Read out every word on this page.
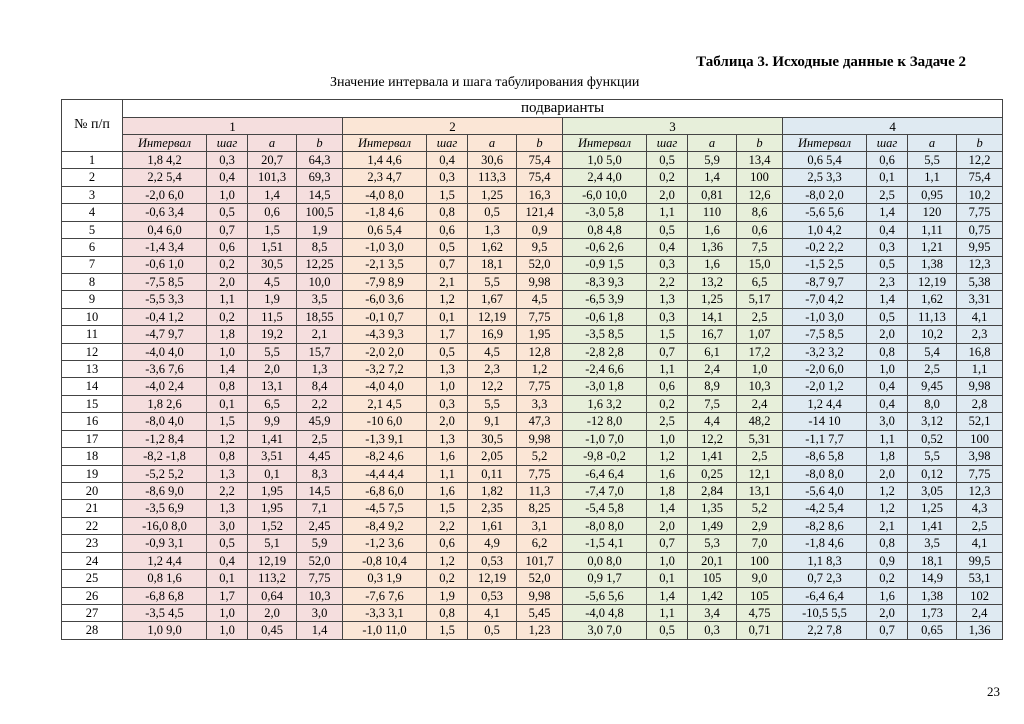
Таблица 3. Исходные данные к Задаче 2
Значение интервала и шага табулирования функции
№ п/п	подварианты															
	1				2				3				4			
	Интервал	шаг	a	b	Интервал	шаг	a	b	Интервал	шаг	a	b	Интервал	шаг	a	b
1	1,8 4,2	0,3	20,7	64,3	1,4 4,6	0,4	30,6	75,4	1,0 5,0	0,5	5,9	13,4	0,6 5,4	0,6	5,5	12,2
2	2,2 5,4	0,4	101,3	69,3	2,3 4,7	0,3	113,3	75,4	2,4 4,0	0,2	1,4	100	2,5 3,3	0,1	1,1	75,4
3	-2,0 6,0	1,0	1,4	14,5	-4,0 8,0	1,5	1,25	16,3	-6,0 10,0	2,0	0,81	12,6	-8,0 2,0	2,5	0,95	10,2
4	-0,6 3,4	0,5	0,6	100,5	-1,8 4,6	0,8	0,5	121,4	-3,0 5,8	1,1	110	8,6	-5,6 5,6	1,4	120	7,75
5	0,4 6,0	0,7	1,5	1,9	0,6 5,4	0,6	1,3	0,9	0,8 4,8	0,5	1,6	0,6	1,0 4,2	0,4	1,11	0,75
6	-1,4 3,4	0,6	1,51	8,5	-1,0 3,0	0,5	1,62	9,5	-0,6 2,6	0,4	1,36	7,5	-0,2 2,2	0,3	1,21	9,95
7	-0,6 1,0	0,2	30,5	12,25	-2,1 3,5	0,7	18,1	52,0	-0,9 1,5	0,3	1,6	15,0	-1,5 2,5	0,5	1,38	12,3
8	-7,5 8,5	2,0	4,5	10,0	-7,9 8,9	2,1	5,5	9,98	-8,3 9,3	2,2	13,2	6,5	-8,7 9,7	2,3	12,19	5,38
9	-5,5 3,3	1,1	1,9	3,5	-6,0 3,6	1,2	1,67	4,5	-6,5 3,9	1,3	1,25	5,17	-7,0 4,2	1,4	1,62	3,31
10	-0,4 1,2	0,2	11,5	18,55	-0,1 0,7	0,1	12,19	7,75	-0,6 1,8	0,3	14,1	2,5	-1,0 3,0	0,5	11,13	4,1
11	-4,7 9,7	1,8	19,2	2,1	-4,3 9,3	1,7	16,9	1,95	-3,5 8,5	1,5	16,7	1,07	-7,5 8,5	2,0	10,2	2,3
12	-4,0 4,0	1,0	5,5	15,7	-2,0 2,0	0,5	4,5	12,8	-2,8 2,8	0,7	6,1	17,2	-3,2 3,2	0,8	5,4	16,8
13	-3,6 7,6	1,4	2,0	1,3	-3,2 7,2	1,3	2,3	1,2	-2,4 6,6	1,1	2,4	1,0	-2,0 6,0	1,0	2,5	1,1
14	-4,0 2,4	0,8	13,1	8,4	-4,0 4,0	1,0	12,2	7,75	-3,0 1,8	0,6	8,9	10,3	-2,0 1,2	0,4	9,45	9,98
15	1,8 2,6	0,1	6,5	2,2	2,1 4,5	0,3	5,5	3,3	1,6 3,2	0,2	7,5	2,4	1,2 4,4	0,4	8,0	2,8
16	-8,0 4,0	1,5	9,9	45,9	-10 6,0	2,0	9,1	47,3	-12 8,0	2,5	4,4	48,2	-14 10	3,0	3,12	52,1
17	-1,2 8,4	1,2	1,41	2,5	-1,3 9,1	1,3	30,5	9,98	-1,0 7,0	1,0	12,2	5,31	-1,1 7,7	1,1	0,52	100
18	-8,2 -1,8	0,8	3,51	4,45	-8,2 4,6	1,6	2,05	5,2	-9,8 -0,2	1,2	1,41	2,5	-8,6 5,8	1,8	5,5	3,98
19	-5,2 5,2	1,3	0,1	8,3	-4,4 4,4	1,1	0,11	7,75	-6,4 6,4	1,6	0,25	12,1	-8,0 8,0	2,0	0,12	7,75
20	-8,6 9,0	2,2	1,95	14,5	-6,8 6,0	1,6	1,82	11,3	-7,4 7,0	1,8	2,84	13,1	-5,6 4,0	1,2	3,05	12,3
21	-3,5 6,9	1,3	1,95	7,1	-4,5 7,5	1,5	2,35	8,25	-5,4 5,8	1,4	1,35	5,2	-4,2 5,4	1,2	1,25	4,3
22	-16,0 8,0	3,0	1,52	2,45	-8,4 9,2	2,2	1,61	3,1	-8,0 8,0	2,0	1,49	2,9	-8,2 8,6	2,1	1,41	2,5
23	-0,9 3,1	0,5	5,1	5,9	-1,2 3,6	0,6	4,9	6,2	-1,5 4,1	0,7	5,3	7,0	-1,8 4,6	0,8	3,5	4,1
24	1,2 4,4	0,4	12,19	52,0	-0,8 10,4	1,2	0,53	101,7	0,0 8,0	1,0	20,1	100	1,1 8,3	0,9	18,1	99,5
25	0,8 1,6	0,1	113,2	7,75	0,3 1,9	0,2	12,19	52,0	0,9 1,7	0,1	105	9,0	0,7 2,3	0,2	14,9	53,1
26	-6,8 6,8	1,7	0,64	10,3	-7,6 7,6	1,9	0,53	9,98	-5,6 5,6	1,4	1,42	105	-6,4 6,4	1,6	1,38	102
27	-3,5 4,5	1,0	2,0	3,0	-3,3 3,1	0,8	4,1	5,45	-4,0 4,8	1,1	3,4	4,75	-10,5 5,5	2,0	1,73	2,4
28	1,0 9,0	1,0	0,45	1,4	-1,0 11,0	1,5	0,5	1,23	3,0 7,0	0,5	0,3	0,71	2,2 7,8	0,7	0,65	1,36
23
